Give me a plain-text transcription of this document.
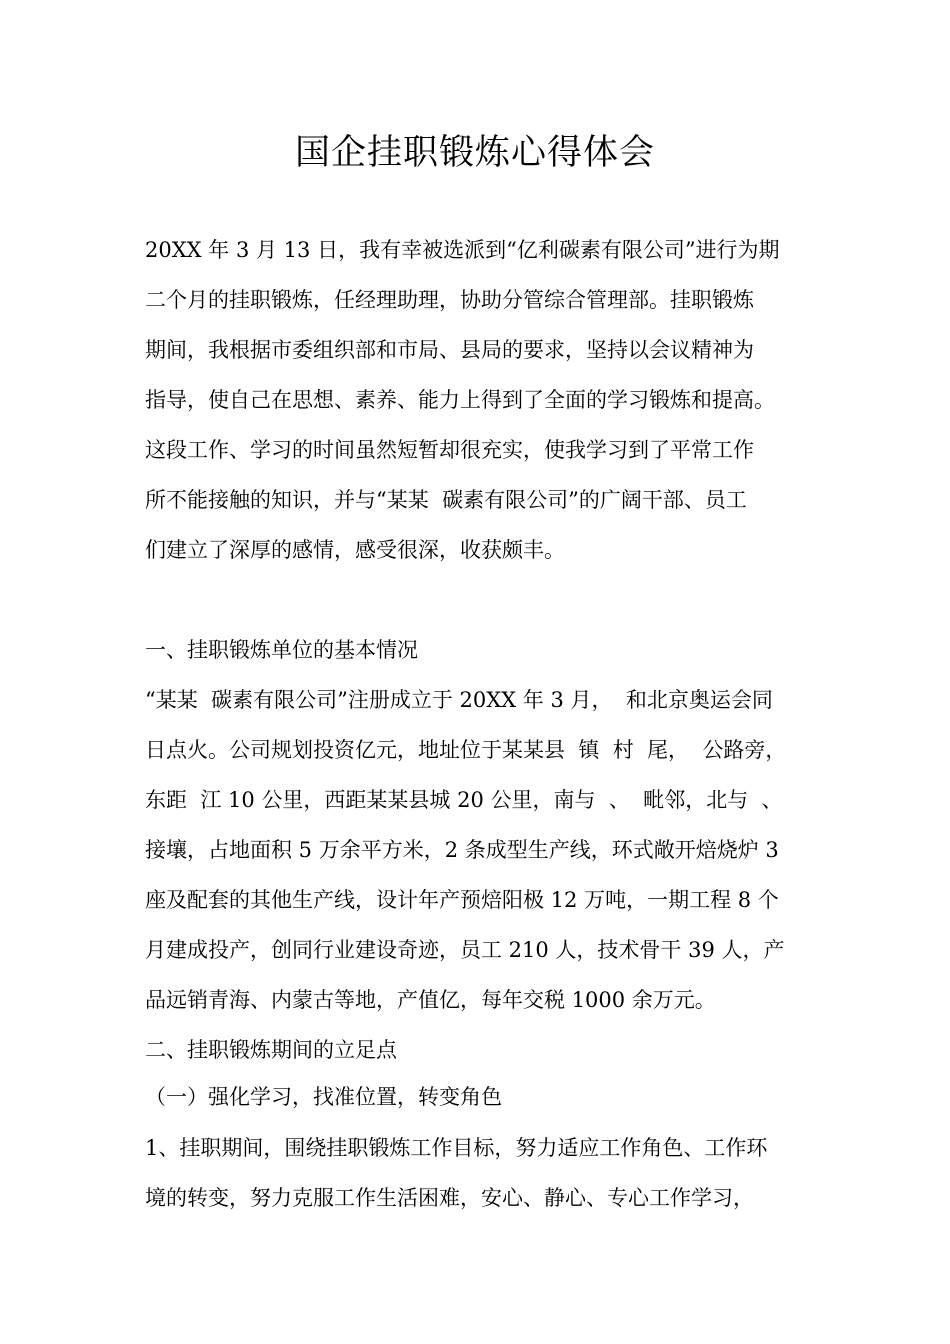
国企挂职锻炼心得体会
20XX 年 3 月 13 日，我有幸被选派到“亿利碳素有限公司”进行为期
二个月的挂职锻炼，任经理助理，协助分管综合管理部。挂职锻炼
期间，我根据市委组织部和市局、县局的要求，坚持以会议精神为
指导，使自己在思想、素养、能力上得到了全面的学习锻炼和提高。
这段工作、学习的时间虽然短暂却很充实，使我学习到了平常工作
所不能接触的知识，并与“某某  碳素有限公司”的广阔干部、员工
们建立了深厚的感情，感受很深，收获颇丰。
一、挂职锻炼单位的基本情况
“某某  碳素有限公司”注册成立于 20XX 年 3 月，  和北京奥运会同
日点火。公司规划投资亿元，地址位于某某县  镇  村  尾，  公路旁，
东距  江 10 公里，西距某某县城 20 公里，南与  、  毗邻，北与  、
接壤，占地面积 5 万余平方米，2 条成型生产线，环式敞开焙烧炉 3
座及配套的其他生产线，设计年产预焙阳极 12 万吨，一期工程 8 个
月建成投产，创同行业建设奇迹，员工 210 人，技术骨干 39 人，产
品远销青海、内蒙古等地，产值亿，每年交税 1000 余万元。
二、挂职锻炼期间的立足点
（一）强化学习，找准位置，转变角色
1、挂职期间，围绕挂职锻炼工作目标，努力适应工作角色、工作环
境的转变，努力克服工作生活困难，安心、静心、专心工作学习，
